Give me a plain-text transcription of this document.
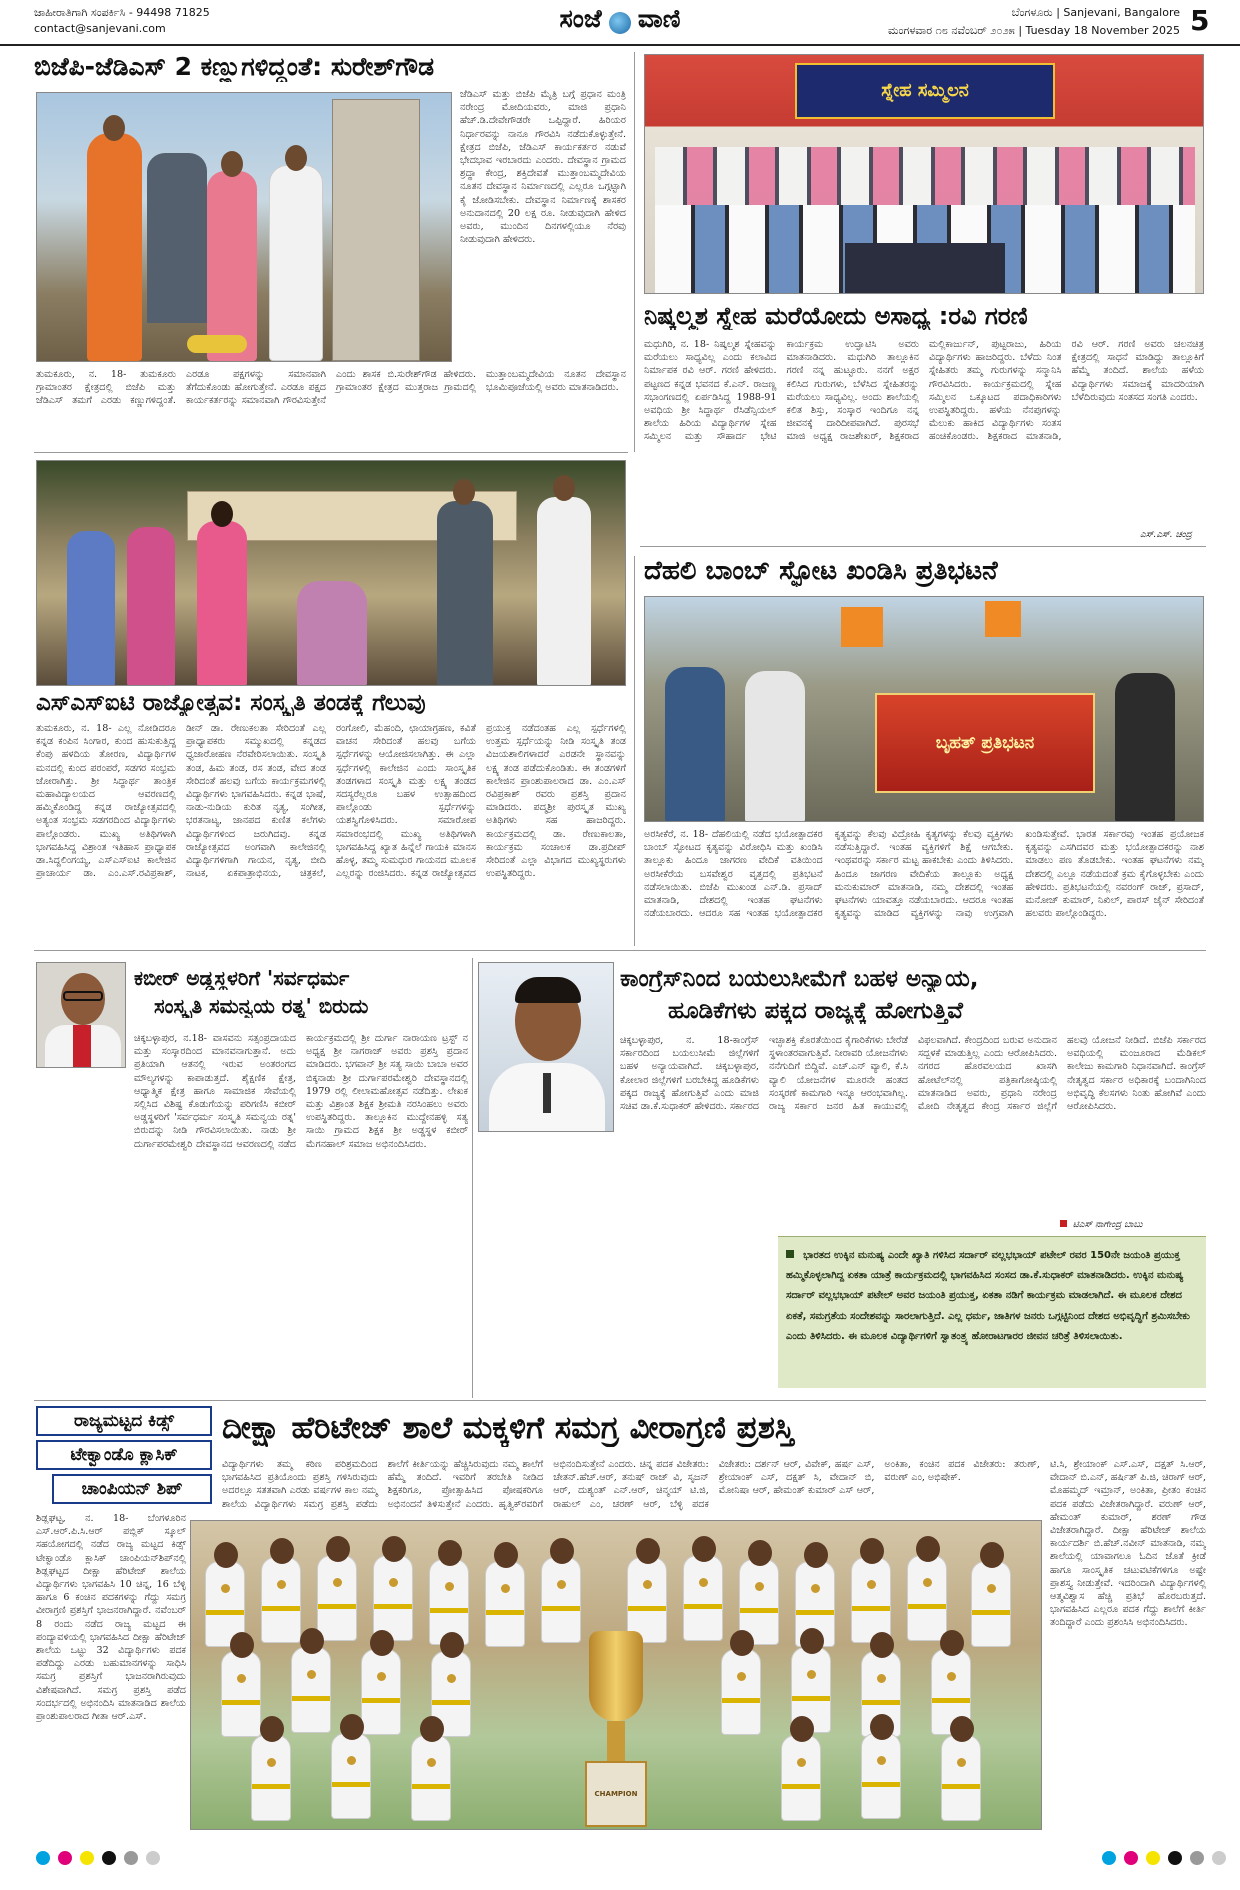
ಜಾಹೀರಾತಿಗಾಗಿ ಸಂಪರ್ಕಿಸಿ - 94498 71825
contact@sanjevani.com	ಸಂಜೆ ವಾಣಿ	ಬೆಂಗಳೂರು | Sanjevani, Bangalore
ಮಂಗಳವಾರ ೧೮ ನವೆಂಬರ್ ೨೦೨೫ | Tuesday 18 November 2025 5
ಬಿಜೆಪಿ-ಜೆಡಿಎಸ್ 2 ಕಣ್ಣುಗಳಿದ್ದಂತೆ: ಸುರೇಶ್‌ಗೌಡ
ಜೆಡಿಎಸ್ ಮತ್ತು ಬಿಜೆಪಿ ಮೈತ್ರಿ ಬಗ್ಗೆ ಪ್ರಧಾನ ಮಂತ್ರಿ ನರೇಂದ್ರ ಮೋದಿಯವರು, ಮಾಜಿ ಪ್ರಧಾನಿ ಹೆಚ್.ಡಿ.ದೇವೇಗೌಡರೇ ಒಪ್ಪಿದ್ದಾರೆ. ಹಿರಿಯರ ನಿರ್ಧಾರವನ್ನು ನಾನೂ ಗೌರವಿಸಿ ನಡೆದುಕೊಳ್ಳುತ್ತೇನೆ. ಕ್ಷೇತ್ರದ ಬಿಜೆಪಿ, ಜೆಡಿಎಸ್ ಕಾರ್ಯಕರ್ತರ ನಡುವೆ ಭೇದಭಾವ ಇರಬಾರದು ಎಂದರು. ದೇವಸ್ಥಾನ ಗ್ರಾಮದ ಶ್ರದ್ಧಾ ಕೇಂದ್ರ, ಶಕ್ತಿದೇವತೆ ಮುತ್ತಾಂಬಮ್ಮದೇವಿಯ ನೂತನ ದೇವಸ್ಥಾನ ನಿರ್ಮಾಣದಲ್ಲಿ ಎಲ್ಲರೂ ಒಗ್ಗಟ್ಟಾಗಿ ಕೈ ಜೋಡಿಸಬೇಕು. ದೇವಸ್ಥಾನ ನಿರ್ಮಾಣಕ್ಕೆ ಶಾಸಕರ ಅನುದಾನದಲ್ಲಿ 20 ಲಕ್ಷ ರೂ. ನೀಡುವುದಾಗಿ ಹೇಳಿದ ಅವರು, ಮುಂದಿನ ದಿನಗಳಲ್ಲಿಯೂ ನೆರವು ನೀಡುವುದಾಗಿ ಹೇಳಿದರು.
ತುಮಕೂರು, ನ. 18- ತುಮಕೂರು ಗ್ರಾಮಾಂತರ ಕ್ಷೇತ್ರದಲ್ಲಿ ಬಿಜೆಪಿ ಮತ್ತು ಜೆಡಿಎಸ್ ತಮಗೆ ಎರಡು ಕಣ್ಣುಗಳಿದ್ದಂತೆ. ಎರಡೂ ಪಕ್ಷಗಳನ್ನು ಸಮಾನವಾಗಿ ತೆಗೆದುಕೊಂಡು ಹೋಗುತ್ತೇನೆ. ಎರಡೂ ಪಕ್ಷದ ಕಾರ್ಯಕರ್ತರನ್ನು ಸಮಾನವಾಗಿ ಗೌರವಿಸುತ್ತೇನೆ ಎಂದು ಶಾಸಕ ಬಿ.ಸುರೇಶ್‌ಗೌಡ ಹೇಳಿದರು. ಗ್ರಾಮಾಂತರ ಕ್ಷೇತ್ರದ ಮುತ್ತರಾಜ ಗ್ರಾಮದಲ್ಲಿ ಮುತ್ತಾಂಬಮ್ಮದೇವಿಯ ನೂತನ ದೇವಸ್ಥಾನ ಭೂಮಿಪೂಜೆಯಲ್ಲಿ ಅವರು ಮಾತನಾಡಿದರು.
ಸ್ನೇಹ ಸಮ್ಮಿಲನ
ನಿಷ್ಕಲ್ಮಶ ಸ್ನೇಹ ಮರೆಯೋದು ಅಸಾಧ್ಯ :ರವಿ ಗರಣಿ
ಮಧುಗಿರಿ, ನ. 18- ನಿಷ್ಕಲ್ಮಶ ಸ್ನೇಹವನ್ನು ಮರೆಯಲು ಸಾಧ್ಯವಿಲ್ಲ ಎಂದು ಕಲಾವಿದ ನಿರ್ಮಾಪಕ ರವಿ ಆರ್. ಗರಣಿ ಹೇಳಿದರು. ಪಟ್ಟಣದ ಕನ್ನಡ ಭವನದ ಕೆ.ಎನ್. ರಾಜಣ್ಣ ಸಭಾಂಗಣದಲ್ಲಿ ಏರ್ಪಡಿಸಿದ್ದ 1988-91 ಅವಧಿಯ ಶ್ರೀ ಸಿದ್ಧಾರ್ಥ ರೆಸಿಡೆನ್ಸಿಯಲ್ ಶಾಲೆಯ ಹಿರಿಯ ವಿದ್ಯಾರ್ಥಿಗಳ ಸ್ನೇಹ ಸಮ್ಮಿಲನ ಮತ್ತು ಸೌಹಾರ್ದ ಭೇಟಿ ಕಾರ್ಯಕ್ರಮ ಉದ್ಘಾಟಿಸಿ ಅವರು ಮಾತನಾಡಿದರು. ಮಧುಗಿರಿ ತಾಲ್ಲೂಕಿನ ಗರಣಿ ನನ್ನ ಹುಟ್ಟೂರು. ನನಗೆ ಅಕ್ಷರ ಕಲಿಸಿದ ಗುರುಗಳು, ಬೆಳೆಸಿದ ಸ್ನೇಹಿತರನ್ನು ಮರೆಯಲು ಸಾಧ್ಯವಿಲ್ಲ. ಅಂದು ಶಾಲೆಯಲ್ಲಿ ಕಲಿತ ಶಿಸ್ತು, ಸಂಸ್ಕಾರ ಇಂದಿಗೂ ನನ್ನ ಜೀವನಕ್ಕೆ ದಾರಿದೀಪವಾಗಿದೆ. ಪುರಸಭೆ ಮಾಜಿ ಅಧ್ಯಕ್ಷ ರಾಜಶೇಖರ್, ಶಿಕ್ಷಕರಾದ ಮಲ್ಲಿಕಾರ್ಜುನ್, ಪುಟ್ಟರಾಜು, ಹಿರಿಯ ವಿದ್ಯಾರ್ಥಿಗಳು ಹಾಜರಿದ್ದರು. ಬೆಳೆದು ನಿಂತ ಸ್ನೇಹಿತರು ತಮ್ಮ ಗುರುಗಳನ್ನು ಸನ್ಮಾನಿಸಿ ಗೌರವಿಸಿದರು. ಕಾರ್ಯಕ್ರಮದಲ್ಲಿ ಸ್ನೇಹ ಸಮ್ಮಿಲನ ಒಕ್ಕೂಟದ ಪದಾಧಿಕಾರಿಗಳು ಉಪಸ್ಥಿತರಿದ್ದರು. ಹಳೆಯ ನೆನಪುಗಳನ್ನು ಮೆಲುಕು ಹಾಕಿದ ವಿದ್ಯಾರ್ಥಿಗಳು ಸಂತಸ ಹಂಚಿಕೊಂಡರು. ಶಿಕ್ಷಕರಾದ ಮಾತನಾಡಿ, ರವಿ ಆರ್. ಗರಣಿ ಅವರು ಚಲನಚಿತ್ರ ಕ್ಷೇತ್ರದಲ್ಲಿ ಸಾಧನೆ ಮಾಡಿದ್ದು ತಾಲ್ಲೂಕಿಗೆ ಹೆಮ್ಮೆ ತಂದಿದೆ. ಶಾಲೆಯ ಹಳೆಯ ವಿದ್ಯಾರ್ಥಿಗಳು ಸಮಾಜಕ್ಕೆ ಮಾದರಿಯಾಗಿ ಬೆಳೆದಿರುವುದು ಸಂತಸದ ಸಂಗತಿ ಎಂದರು.
ಎಸ್.ಎಸ್. ಚಂದ್ರ
ಎಸ್‌ಎಸ್‌ಐಟಿ ರಾಜ್ಯೋತ್ಸವ: ಸಂಸ್ಕೃತಿ ತಂಡಕ್ಕೆ ಗೆಲುವು
ತುಮಕೂರು, ನ. 18- ಎಲ್ಲ ನೋಡಿದರೂ ಕನ್ನಡ ಕಂಪಿನ ಸಿಂಗಾರ, ಕುಂದ ಹುಸುಕುತ್ತಿದ್ದ ಕೆಂಪು ಹಳದಿಯ ತೋರಣ, ವಿದ್ಯಾರ್ಥಿಗಳ ಮನದಲ್ಲಿ ಕುಂದ ಪರಂಪರೆ, ಸಡಗರ ಸಂಭ್ರಮ ಜೋರಾಗಿತ್ತು. ಶ್ರೀ ಸಿದ್ಧಾರ್ಥ ತಾಂತ್ರಿಕ ಮಹಾವಿದ್ಯಾಲಯದ ಆವರಣದಲ್ಲಿ ಹಮ್ಮಿಕೊಂಡಿದ್ದ ಕನ್ನಡ ರಾಜ್ಯೋತ್ಸವದಲ್ಲಿ ಅತ್ಯಂತ ಸಂಭ್ರಮ ಸಡಗರದಿಂದ ವಿದ್ಯಾರ್ಥಿಗಳು ಪಾಲ್ಗೊಂಡರು. ಮುಖ್ಯ ಅತಿಥಿಗಳಾಗಿ ಭಾಗವಹಿಸಿದ್ದ ವಿಶ್ರಾಂತ ಇತಿಹಾಸ ಪ್ರಾಧ್ಯಾಪಕ ಡಾ.ಸಿದ್ದಲಿಂಗಯ್ಯ, ಎಸ್‌ಎಸ್‌ಐಟಿ ಕಾಲೇಜಿನ ಪ್ರಾಚಾರ್ಯ ಡಾ. ಎಂ.ಎಸ್.ರವಿಪ್ರಕಾಶ್, ಡೀನ್ ಡಾ. ರೇಣುಕಲತಾ ಸೇರಿದಂತೆ ಎಲ್ಲ ಪ್ರಾಧ್ಯಾಪಕರು ಸಮ್ಮುಖದಲ್ಲಿ ಕನ್ನಡದ ಧ್ವಜಾರೋಹಣ ನೆರವೇರಿಸಲಾಯಿತು. ಸಂಸ್ಕೃತಿ ತಂಡ, ಹಿಮ ತಂಡ, ರಸ ತಂಡ, ವೇದ ತಂಡ ಸೇರಿದಂತೆ ಹಲವು ಬಗೆಯ ಕಾರ್ಯಕ್ರಮಗಳಲ್ಲಿ ವಿದ್ಯಾರ್ಥಿಗಳು ಭಾಗವಹಿಸಿದರು. ಕನ್ನಡ ಭಾಷೆ, ನಾಡು-ನುಡಿಯ ಕುರಿತ ನೃತ್ಯ, ಸಂಗೀತ, ಭರತನಾಟ್ಯ, ಜಾನಪದ ಕುಣಿತ ಕಲೆಗಳು ವಿದ್ಯಾರ್ಥಿಗಳಿಂದ ಜರುಗಿದವು. ಕನ್ನಡ ರಾಜ್ಯೋತ್ಸವದ ಅಂಗವಾಗಿ ಕಾಲೇಜಿನಲ್ಲಿ ವಿದ್ಯಾರ್ಥಿಗಳಿಗಾಗಿ ಗಾಯನ, ನೃತ್ಯ, ಬೀದಿ ನಾಟಕ, ಏಕಪಾತ್ರಾಭಿನಯ, ಚಿತ್ರಕಲೆ, ರಂಗೋಲಿ, ಮೆಹಂದಿ, ಛಾಯಾಗ್ರಹಣ, ಕವಿತೆ ವಾಚನ ಸೇರಿದಂತೆ ಹಲವು ಬಗೆಯ ಸ್ಪರ್ಧೆಗಳನ್ನು ಆಯೋಜಿಸಲಾಗಿತ್ತು. ಈ ಎಲ್ಲಾ ಸ್ಪರ್ಧೆಗಳಲ್ಲಿ ಕಾಲೇಜಿನ ಎಂದು ಸಾಂಸ್ಕೃತಿಕ ತಂಡಗಳಾದ ಸಂಸ್ಕೃತಿ ಮತ್ತು ಲಕ್ಷ್ಯ ತಂಡದ ಸದಸ್ಯರೆಲ್ಲರೂ ಬಹಳ ಉತ್ಸಾಹದಿಂದ ಪಾಲ್ಗೊಂಡು ಸ್ಪರ್ಧೆಗಳನ್ನು ಯಶಸ್ವಿಗೊಳಿಸಿದರು. ಸಮಾರೋಪ ಸಮಾರಂಭದಲ್ಲಿ ಮುಖ್ಯ ಅತಿಥಿಗಳಾಗಿ ಭಾಗವಹಿಸಿದ್ದ ಖ್ಯಾತ ಹಿನ್ನೆಲೆ ಗಾಯಕಿ ಮಾನಸ ಹೊಳ್ಳ, ತಮ್ಮ ಸುಮಧುರ ಗಾಯನದ ಮೂಲಕ ಎಲ್ಲರನ್ನು ರಂಜಿಸಿದರು. ಕನ್ನಡ ರಾಜ್ಯೋತ್ಸವದ ಪ್ರಯುಕ್ತ ನಡೆದಂತಹ ಎಲ್ಲ ಸ್ಪರ್ಧೆಗಳಲ್ಲಿ ಉತ್ತಮ ಸ್ಪರ್ಧೆಯನ್ನು ನೀಡಿ ಸಂಸ್ಕೃತಿ ತಂಡ ವಿಜಯಶಾಲಿಗಳಾದರೆ ಎರಡನೇ ಸ್ಥಾನವನ್ನು ಲಕ್ಷ್ಯ ತಂಡ ಪಡೆದುಕೊಂಡಿತು. ಈ ತಂಡಗಳಿಗೆ ಕಾಲೇಜಿನ ಪ್ರಾಂಶುಪಾಲರಾದ ಡಾ. ಎಂ.ಎಸ್ ರವಿಪ್ರಕಾಶ್ ರವರು ಪ್ರಶಸ್ತಿ ಪ್ರದಾನ ಮಾಡಿದರು. ಪದ್ಮಶ್ರೀ ಪುರಸ್ಕೃತ ಮುಖ್ಯ ಅತಿಥಿಗಳು ಸಹ ಹಾಜರಿದ್ದರು. ಕಾರ್ಯಕ್ರಮದಲ್ಲಿ ಡಾ. ರೇಣುಕಾಲತಾ, ಕಾರ್ಯಕ್ರಮ ಸಂಚಾಲಕ ಡಾ.ಪ್ರದೀಪ್ ಸೇರಿದಂತೆ ಎಲ್ಲಾ ವಿಭಾಗದ ಮುಖ್ಯಸ್ಥರುಗಳು ಉಪಸ್ಥಿತರಿದ್ದರು.
ದೆಹಲಿ ಬಾಂಬ್ ಸ್ಫೋಟ ಖಂಡಿಸಿ ಪ್ರತಿಭಟನೆ
ಬೃಹತ್ ಪ್ರತಿಭಟನ
ಅರಸೀಕೆರೆ, ನ. 18- ದೆಹಲಿಯಲ್ಲಿ ನಡೆದ ಭಯೋತ್ಪಾದಕರ ಬಾಂಬ್ ಸ್ಫೋಟದ ಕೃತ್ಯವನ್ನು ವಿರೋಧಿಸಿ ಮತ್ತು ಖಂಡಿಸಿ ತಾಲ್ಲೂಕು ಹಿಂದೂ ಜಾಗರಣ ವೇದಿಕೆ ವತಿಯಿಂದ ಅರಸೀಕೆರೆಯ ಬಸವೇಶ್ವರ ವೃತ್ತದಲ್ಲಿ ಪ್ರತಿಭಟನೆ ನಡೆಸಲಾಯಿತು. ಬಿಜೆಪಿ ಮುಖಂಡ ಎನ್.ಡಿ. ಪ್ರಸಾದ್ ಮಾತನಾಡಿ, ದೇಶದಲ್ಲಿ ಇಂತಹ ಘಟನೆಗಳು ನಡೆಯಬಾರದು. ಆದರೂ ಸಹ ಇಂತಹ ಭಯೋತ್ಪಾದಕರ ಕೃತ್ಯವನ್ನು ಕೆಲವು ವಿದ್ರೋಹಿ ಕೃತ್ಯಗಳನ್ನು ಕೆಲವು ವ್ಯಕ್ತಿಗಳು ನಡೆಸುತ್ತಿದ್ದಾರೆ. ಇಂತಹ ವ್ಯಕ್ತಿಗಳಿಗೆ ಶಿಕ್ಷೆ ಆಗಬೇಕು. ಇಂಥವರನ್ನು ಸರ್ಕಾರ ಮಟ್ಟ ಹಾಕಬೇಕು ಎಂದು ತಿಳಿಸಿದರು. ಹಿಂದೂ ಜಾಗರಣ ವೇದಿಕೆಯ ತಾಲ್ಲೂಕು ಅಧ್ಯಕ್ಷ ಮನುಕುಮಾರ್ ಮಾತನಾಡಿ, ನಮ್ಮ ದೇಶದಲ್ಲಿ ಇಂತಹ ಘಟನೆಗಳು ಯಾವತ್ತೂ ನಡೆಯಬಾರದು. ಆದರೂ ಇಂತಹ ಕೃತ್ಯವನ್ನು ಮಾಡಿದ ವ್ಯಕ್ತಿಗಳನ್ನು ನಾವು ಉಗ್ರವಾಗಿ ಖಂಡಿಸುತ್ತೇವೆ. ಭಾರತ ಸರ್ಕಾರವು ಇಂತಹ ಪ್ರಯೋಜಕ ಕೃತ್ಯವನ್ನು ಎಸಗಿದವರ ಮತ್ತು ಭಯೋತ್ಪಾದಕರನ್ನು ನಾಶ ಮಾಡಲು ಪಣ ತೊಡಬೇಕು. ಇಂತಹ ಘಟನೆಗಳು ನಮ್ಮ ದೇಶದಲ್ಲಿ ಎಲ್ಲೂ ನಡೆಯದಂತೆ ಕ್ರಮ ಕೈಗೊಳ್ಳಬೇಕು ಎಂದು ಹೇಳಿದರು. ಪ್ರತಿಭಟನೆಯಲ್ಲಿ ನವರಂಗ್ ರಾಜ್, ಪ್ರಸಾದ್, ಮನೋಜ್ ಕುಮಾರ್, ನಿಖಿಲ್, ಪಾರಸ್ ಜೈನ್ ಸೇರಿದಂತೆ ಹಲವರು ಪಾಲ್ಗೊಂಡಿದ್ದರು.
ಕಬೀರ್ ಅಡ್ಡಸ್ಥಳರಿಗೆ 'ಸರ್ವಧರ್ಮ
ಸಂಸ್ಕೃತಿ ಸಮನ್ವಯ ರತ್ನ' ಬಿರುದು
ಚಿಕ್ಕಬಳ್ಳಾಪುರ, ನ.18- ವಾಸವನು ಸತ್ಸಂಪ್ರದಾಯದ ಮತ್ತು ಸಂಸ್ಕಾರದಿಂದ ಮಾನವನಾಗುತ್ತಾನೆ. ಅದು ಪ್ರತಿಯಾಗಿ ಆತನಲ್ಲಿ ಇರುವ ಅಂತರಂಗದ ಮೌಲ್ಯಗಳನ್ನು ಕಾಪಾಡುತ್ತದೆ. ಶೈಕ್ಷಣಿಕ ಕ್ಷೇತ್ರ, ಆಧ್ಯಾತ್ಮಿಕ ಕ್ಷೇತ್ರ ಹಾಗೂ ಸಾಮಾಜಿಕ ಸೇವೆಯಲ್ಲಿ ಸಲ್ಲಿಸಿದ ವಿಶಿಷ್ಟ ಕೊಡುಗೆಯನ್ನು ಪರಿಗಣಿಸಿ ಕಬೀರ್ ಅಡ್ಡಸ್ಥಳರಿಗೆ 'ಸರ್ವಧರ್ಮ ಸಂಸ್ಕೃತಿ ಸಮನ್ವಯ ರತ್ನ' ಬಿರುದನ್ನು ನೀಡಿ ಗೌರವಿಸಲಾಯಿತು. ನಾಡು ಶ್ರೀ ದುರ್ಗಾಪರಮೇಶ್ವರಿ ದೇವಸ್ಥಾನದ ಆವರಣದಲ್ಲಿ ನಡೆದ ಕಾರ್ಯಕ್ರಮದಲ್ಲಿ ಶ್ರೀ ದುರ್ಗಾ ನಾರಾಯಣ ಟ್ರಸ್ಟ್ ನ ಅಧ್ಯಕ್ಷ ಶ್ರೀ ನಾಗರಾಜ್ ಅವರು ಪ್ರಶಸ್ತಿ ಪ್ರದಾನ ಮಾಡಿದರು. ಭಗವಾನ್ ಶ್ರೀ ಸತ್ಯ ಸಾಯಿ ಬಾಬಾ ಅವರ ಬಿಕ್ಕನಾಡು ಶ್ರೀ ದುರ್ಗಾಪರಮೇಶ್ವರಿ ದೇವಸ್ಥಾನದಲ್ಲಿ 1979 ರಲ್ಲಿ ಲೀಲಾಮಹೋತ್ಸವ ನಡೆದಿತ್ತು. ಲೇಖಕ ಮತ್ತು ವಿಶ್ರಾಂತ ಶಿಕ್ಷಕ ಶ್ರೀಮತಿ ನರಸಿಂಹಲು ಅವರು ಉಪಸ್ಥಿತರಿದ್ದರು. ತಾಲ್ಲೂಕಿನ ಮುದ್ದೇನಹಳ್ಳಿ ಸತ್ಯ ಸಾಯಿ ಗ್ರಾಮದ ಶಿಕ್ಷಕ ಶ್ರೀ ಅಡ್ಡಸ್ಥಳ ಕಬೀರ್ ಮೆಗನಹಾಲ್ ಸಮಾಜ ಅಭಿನಂದಿಸಿದರು.
ಕಾಂಗ್ರೆಸ್‌ನಿಂದ ಬಯಲುಸೀಮೆಗೆ ಬಹಳ ಅನ್ಯಾಯ,
ಹೂಡಿಕೆಗಳು ಪಕ್ಕದ ರಾಜ್ಯಕ್ಕೆ ಹೋಗುತ್ತಿವೆ
ಚಿಕ್ಕಬಳ್ಳಾಪುರ, ನ. 18-ಕಾಂಗ್ರೆಸ್ ಸರ್ಕಾರದಿಂದ ಬಯಲುಸೀಮೆ ಜಿಲ್ಲೆಗಳಿಗೆ ಬಹಳ ಅನ್ಯಾಯವಾಗಿದೆ. ಚಿಕ್ಕಬಳ್ಳಾಪುರ, ಕೋಲಾರ ಜಿಲ್ಲೆಗಳಿಗೆ ಬರಬೇಕಿದ್ದ ಹೂಡಿಕೆಗಳು ಪಕ್ಕದ ರಾಜ್ಯಕ್ಕೆ ಹೋಗುತ್ತಿವೆ ಎಂದು ಮಾಜಿ ಸಚಿವ ಡಾ.ಕೆ.ಸುಧಾಕರ್ ಹೇಳಿದರು. ಸರ್ಕಾರದ ಇಚ್ಛಾಶಕ್ತಿ ಕೊರತೆಯಿಂದ ಕೈಗಾರಿಕೆಗಳು ಬೇರೆಡೆ ಸ್ಥಳಾಂತರವಾಗುತ್ತಿವೆ. ನೀರಾವರಿ ಯೋಜನೆಗಳು ನನೆಗುದಿಗೆ ಬಿದ್ದಿವೆ. ಎಚ್.ಎನ್ ವ್ಯಾಲಿ, ಕೆ.ಸಿ ವ್ಯಾಲಿ ಯೋಜನೆಗಳ ಮೂರನೇ ಹಂತದ ಸಂಸ್ಕರಣೆ ಕಾಮಗಾರಿ ಇನ್ನೂ ಆರಂಭವಾಗಿಲ್ಲ. ರಾಜ್ಯ ಸರ್ಕಾರ ಜನರ ಹಿತ ಕಾಯುವಲ್ಲಿ ವಿಫಲವಾಗಿದೆ. ಕೇಂದ್ರದಿಂದ ಬರುವ ಅನುದಾನ ಸದ್ಬಳಕೆ ಮಾಡುತ್ತಿಲ್ಲ ಎಂದು ಆರೋಪಿಸಿದರು. ನಗರದ ಹೊರವಲಯದ ಖಾಸಗಿ ಹೋಟೆಲ್‌ನಲ್ಲಿ ಪತ್ರಿಕಾಗೋಷ್ಠಿಯಲ್ಲಿ ಮಾತನಾಡಿದ ಅವರು, ಪ್ರಧಾನಿ ನರೇಂದ್ರ ಮೋದಿ ನೇತೃತ್ವದ ಕೇಂದ್ರ ಸರ್ಕಾರ ಜಿಲ್ಲೆಗೆ ಹಲವು ಯೋಜನೆ ನೀಡಿದೆ. ಬಿಜೆಪಿ ಸರ್ಕಾರದ ಅವಧಿಯಲ್ಲಿ ಮಂಜೂರಾದ ಮೆಡಿಕಲ್ ಕಾಲೇಜು ಕಾಮಗಾರಿ ನಿಧಾನವಾಗಿದೆ. ಕಾಂಗ್ರೆಸ್ ನೇತೃತ್ವದ ಸರ್ಕಾರ ಅಧಿಕಾರಕ್ಕೆ ಬಂದಾಗಿನಿಂದ ಅಭಿವೃದ್ಧಿ ಕೆಲಸಗಳು ನಿಂತು ಹೋಗಿವೆ ಎಂದು ಆರೋಪಿಸಿದರು.
ಟಿಎಸ್ ನಾಗೇಂದ್ರ ಬಾಬು
ಭಾರತದ ಉಕ್ಕಿನ ಮನುಷ್ಯ ಎಂದೇ ಖ್ಯಾತಿ ಗಳಿಸಿದ ಸರ್ದಾರ್ ವಲ್ಲಭಭಾಯ್ ಪಟೇಲ್ ರವರ 150ನೇ ಜಯಂತಿ ಪ್ರಯುಕ್ತ ಹಮ್ಮಿಕೊಳ್ಳಲಾಗಿದ್ದ ಏಕತಾ ಯಾತ್ರೆ ಕಾರ್ಯಕ್ರಮದಲ್ಲಿ ಭಾಗವಹಿಸಿದ ಸಂಸದ ಡಾ.ಕೆ.ಸುಧಾಕರ್ ಮಾತನಾಡಿದರು. ಉಕ್ಕಿನ ಮನುಷ್ಯ ಸರ್ದಾರ್ ವಲ್ಲಭಭಾಯ್ ಪಟೇಲ್ ಅವರ ಜಯಂತಿ ಪ್ರಯುಕ್ತ, ಏಕತಾ ನಡಿಗೆ ಕಾರ್ಯಕ್ರಮ ಮಾಡಲಾಗಿದೆ. ಈ ಮೂಲಕ ದೇಶದ ಏಕತೆ, ಸಮಗ್ರತೆಯ ಸಂದೇಶವನ್ನು ಸಾರಲಾಗುತ್ತಿದೆ. ಎಲ್ಲ ಧರ್ಮ, ಜಾತಿಗಳ ಜನರು ಒಗ್ಗಟ್ಟಿನಿಂದ ದೇಶದ ಅಭಿವೃದ್ಧಿಗೆ ಶ್ರಮಿಸಬೇಕು ಎಂದು ತಿಳಿಸಿದರು. ಈ ಮೂಲಕ ವಿದ್ಯಾರ್ಥಿಗಳಿಗೆ ಸ್ವಾತಂತ್ರ್ಯ ಹೋರಾಟಗಾರರ ಜೀವನ ಚರಿತ್ರೆ ತಿಳಿಸಲಾಯಿತು.
ರಾಜ್ಯಮಟ್ಟದ ಕಿಡ್ಸ್
ಟೇಕ್ವಾಂಡೊ ಕ್ಲಾಸಿಕ್
ಚಾಂಪಿಯನ್ ಶಿಪ್
ದೀಕ್ಷಾ ಹೆರಿಟೇಜ್ ಶಾಲೆ ಮಕ್ಕಳಿಗೆ ಸಮಗ್ರ ವೀರಾಗ್ರಣಿ ಪ್ರಶಸ್ತಿ
ವಿದ್ಯಾರ್ಥಿಗಳು ತಮ್ಮ ಕಠಿಣ ಪರಿಶ್ರಮದಿಂದ ಭಾಗವಹಿಸಿದ ಪ್ರತಿಯೊಂದು ಪ್ರಶಸ್ತಿ ಗಳಿಸಿರುವುದು ಅದರಲ್ಲೂ ಸತತವಾಗಿ ಎರಡು ವರ್ಷಗಳ ಕಾಲ ನಮ್ಮ ಶಾಲೆಯ ವಿದ್ಯಾರ್ಥಿಗಳು ಸಮಗ್ರ ಪ್ರಶಸ್ತಿ ಪಡೆದು ಶಾಲೆಗೆ ಕೀರ್ತಿಯನ್ನು ಹೆಚ್ಚಿಸಿರುವುದು ನಮ್ಮ ಶಾಲೆಗೆ ಹೆಮ್ಮೆ ತಂದಿದೆ. ಇವರಿಗೆ ತರಬೇತಿ ನೀಡಿದ ಶಿಕ್ಷಕರಿಗೂ, ಪ್ರೋತ್ಸಾಹಿಸಿದ ಪೋಷಕರಿಗೂ ಅಭಿನಂದನೆ ತಿಳಿಸುತ್ತೇನೆ ಎಂದರು. ಹೃತ್ವಿಕ್‌ರವರಿಗೆ ಅಭಿನಂದಿಸುತ್ತೇನೆ ಎಂದರು. ಚಿನ್ನ ಪದಕ ವಿಜೇತರು: ಚೇತನ್.ಹೆಚ್.ಆರ್, ತನುಷ್ ರಾಜ್ ವಿ, ಸೃಜನ್ ಆರ್, ದುಶ್ಯಂತ್ ಎನ್.ಆರ್, ಚಿನ್ಮಯ್ ಟಿ.ಜಿ, ರಾಹುಲ್ ಎಂ, ಚರಣ್ ಆರ್, ಬೆಳ್ಳಿ ಪದಕ ವಿಜೇತರು: ದರ್ಶನ್ ಆರ್, ವಿವೇಕ್, ಹರ್ಷ ಎಸ್, ಶ್ರೇಯಾಂಕ್ ಎಸ್, ದಕ್ಷತ್ ಸಿ, ವೇದಾನ್ ಬಿ, ಮೋನಿಷಾ ಆರ್, ಹೇಮಂತ್ ಕುಮಾರ್ ಎಸ್ ಆರ್, ಅಂಕಿತಾ, ಕಂಚಿನ ಪದಕ ವಿಜೇತರು: ತರುಣ್, ವರುಣ್ ಎಂ, ಅಭಿಷೇಕ್.
ಶಿಡ್ಲಘಟ್ಟ, ನ. 18- ಬೆಂಗಳೂರಿನ ಎಸ್.ಆರ್.ಪಿ.ಸಿ.ಆರ್ ಪಬ್ಲಿಕ್ ಸ್ಕೂಲ್ ಸಹಯೋಗದಲ್ಲಿ ನಡೆದ ರಾಜ್ಯ ಮಟ್ಟದ ಕಿಡ್ಸ್ ಟೇಕ್ವಾಂಡೊ ಕ್ಲಾಸಿಕ್ ಚಾಂಪಿಯನ್‌ಶಿಪ್‌ನಲ್ಲಿ ಶಿಡ್ಲಘಟ್ಟದ ದೀಕ್ಷಾ ಹೆರಿಟೇಜ್ ಶಾಲೆಯ ವಿದ್ಯಾರ್ಥಿಗಳು ಭಾಗವಹಿಸಿ 10 ಚಿನ್ನ, 16 ಬೆಳ್ಳಿ ಹಾಗೂ 6 ಕಂಚಿನ ಪದಕಗಳನ್ನು ಗೆದ್ದು ಸಮಗ್ರ ವೀರಾಗ್ರಣಿ ಪ್ರಶಸ್ತಿಗೆ ಭಾಜನರಾಗಿದ್ದಾರೆ. ನವೆಂಬರ್ 8 ರಂದು ನಡೆದ ರಾಜ್ಯ ಮಟ್ಟದ ಈ ಪಂದ್ಯಾವಳಿಯಲ್ಲಿ ಭಾಗವಹಿಸಿದ ದೀಕ್ಷಾ ಹೆರಿಟೇಜ್ ಶಾಲೆಯ ಒಟ್ಟು 32 ವಿದ್ಯಾರ್ಥಿಗಳು ಪದಕ ಪಡೆದಿದ್ದು ಎರಡು ಬಹುಮಾನಗಳನ್ನು ಸಾಧಿಸಿ ಸಮಗ್ರ ಪ್ರಶಸ್ತಿಗೆ ಭಾಜನರಾಗಿರುವುದು ವಿಶೇಷವಾಗಿದೆ. ಸಮಗ್ರ ಪ್ರಶಸ್ತಿ ಪಡೆದ ಸಂದರ್ಭದಲ್ಲಿ ಅಭಿನಂದಿಸಿ ಮಾತನಾಡಿದ ಶಾಲೆಯ ಪ್ರಾಂಶುಪಾಲರಾದ ಗೀತಾ ಆರ್.ಎಸ್.
ಟಿ.ಸಿ, ಶ್ರೇಯಾಂಕ್ ಎಸ್.ಎಸ್, ದಕ್ಷತ್ ಸಿ.ಆರ್, ವೇದಾನ್ ಬಿ.ಎನ್, ಹರ್ಷಿತ್ ಪಿ.ಜಿ, ಚಿರಾಗ್ ಆರ್, ಮೊಹಮ್ಮದ್ ಇಮ್ರಾನ್, ಅಂಕಿತಾ, ಪ್ರೀತಂ ಕಂಚಿನ ಪದಕ ಪಡೆದು ವಿಜೇತರಾಗಿದ್ದಾರೆ. ವರುಣ್ ಆರ್, ಹೇಮಂತ್ ಕುಮಾರ್, ಶರಣ್ ಗೌಡ ವಿಜೇತರಾಗಿದ್ದಾರೆ. ದೀಕ್ಷಾ ಹೆರಿಟೇಜ್ ಶಾಲೆಯ ಕಾರ್ಯದರ್ಶಿ ಬಿ.ಹೆಚ್.ನವೀನ್ ಮಾತನಾಡಿ, ನಮ್ಮ ಶಾಲೆಯಲ್ಲಿ ಯಾವಾಗಲೂ ಓದಿನ ಜೊತೆ ಕ್ರೀಡೆ ಹಾಗೂ ಸಾಂಸ್ಕೃತಿಕ ಚಟುವಟಿಕೆಗಳಿಗೂ ಅಷ್ಟೇ ಪ್ರಾಶಸ್ತ್ಯ ನೀಡುತ್ತೇವೆ. ಇದರಿಂದಾಗಿ ವಿದ್ಯಾರ್ಥಿಗಳಲ್ಲಿ ಆತ್ಮವಿಶ್ವಾಸ ಹೆಚ್ಚಿ ಪ್ರತಿಭೆ ಹೊರಬರುತ್ತದೆ. ಭಾಗವಹಿಸಿದ ಎಲ್ಲರೂ ಪದಕ ಗೆದ್ದು ಶಾಲೆಗೆ ಕೀರ್ತಿ ತಂದಿದ್ದಾರೆ ಎಂದು ಪ್ರಶಂಸಿಸಿ ಅಭಿನಂದಿಸಿದರು.
CHAMPION
